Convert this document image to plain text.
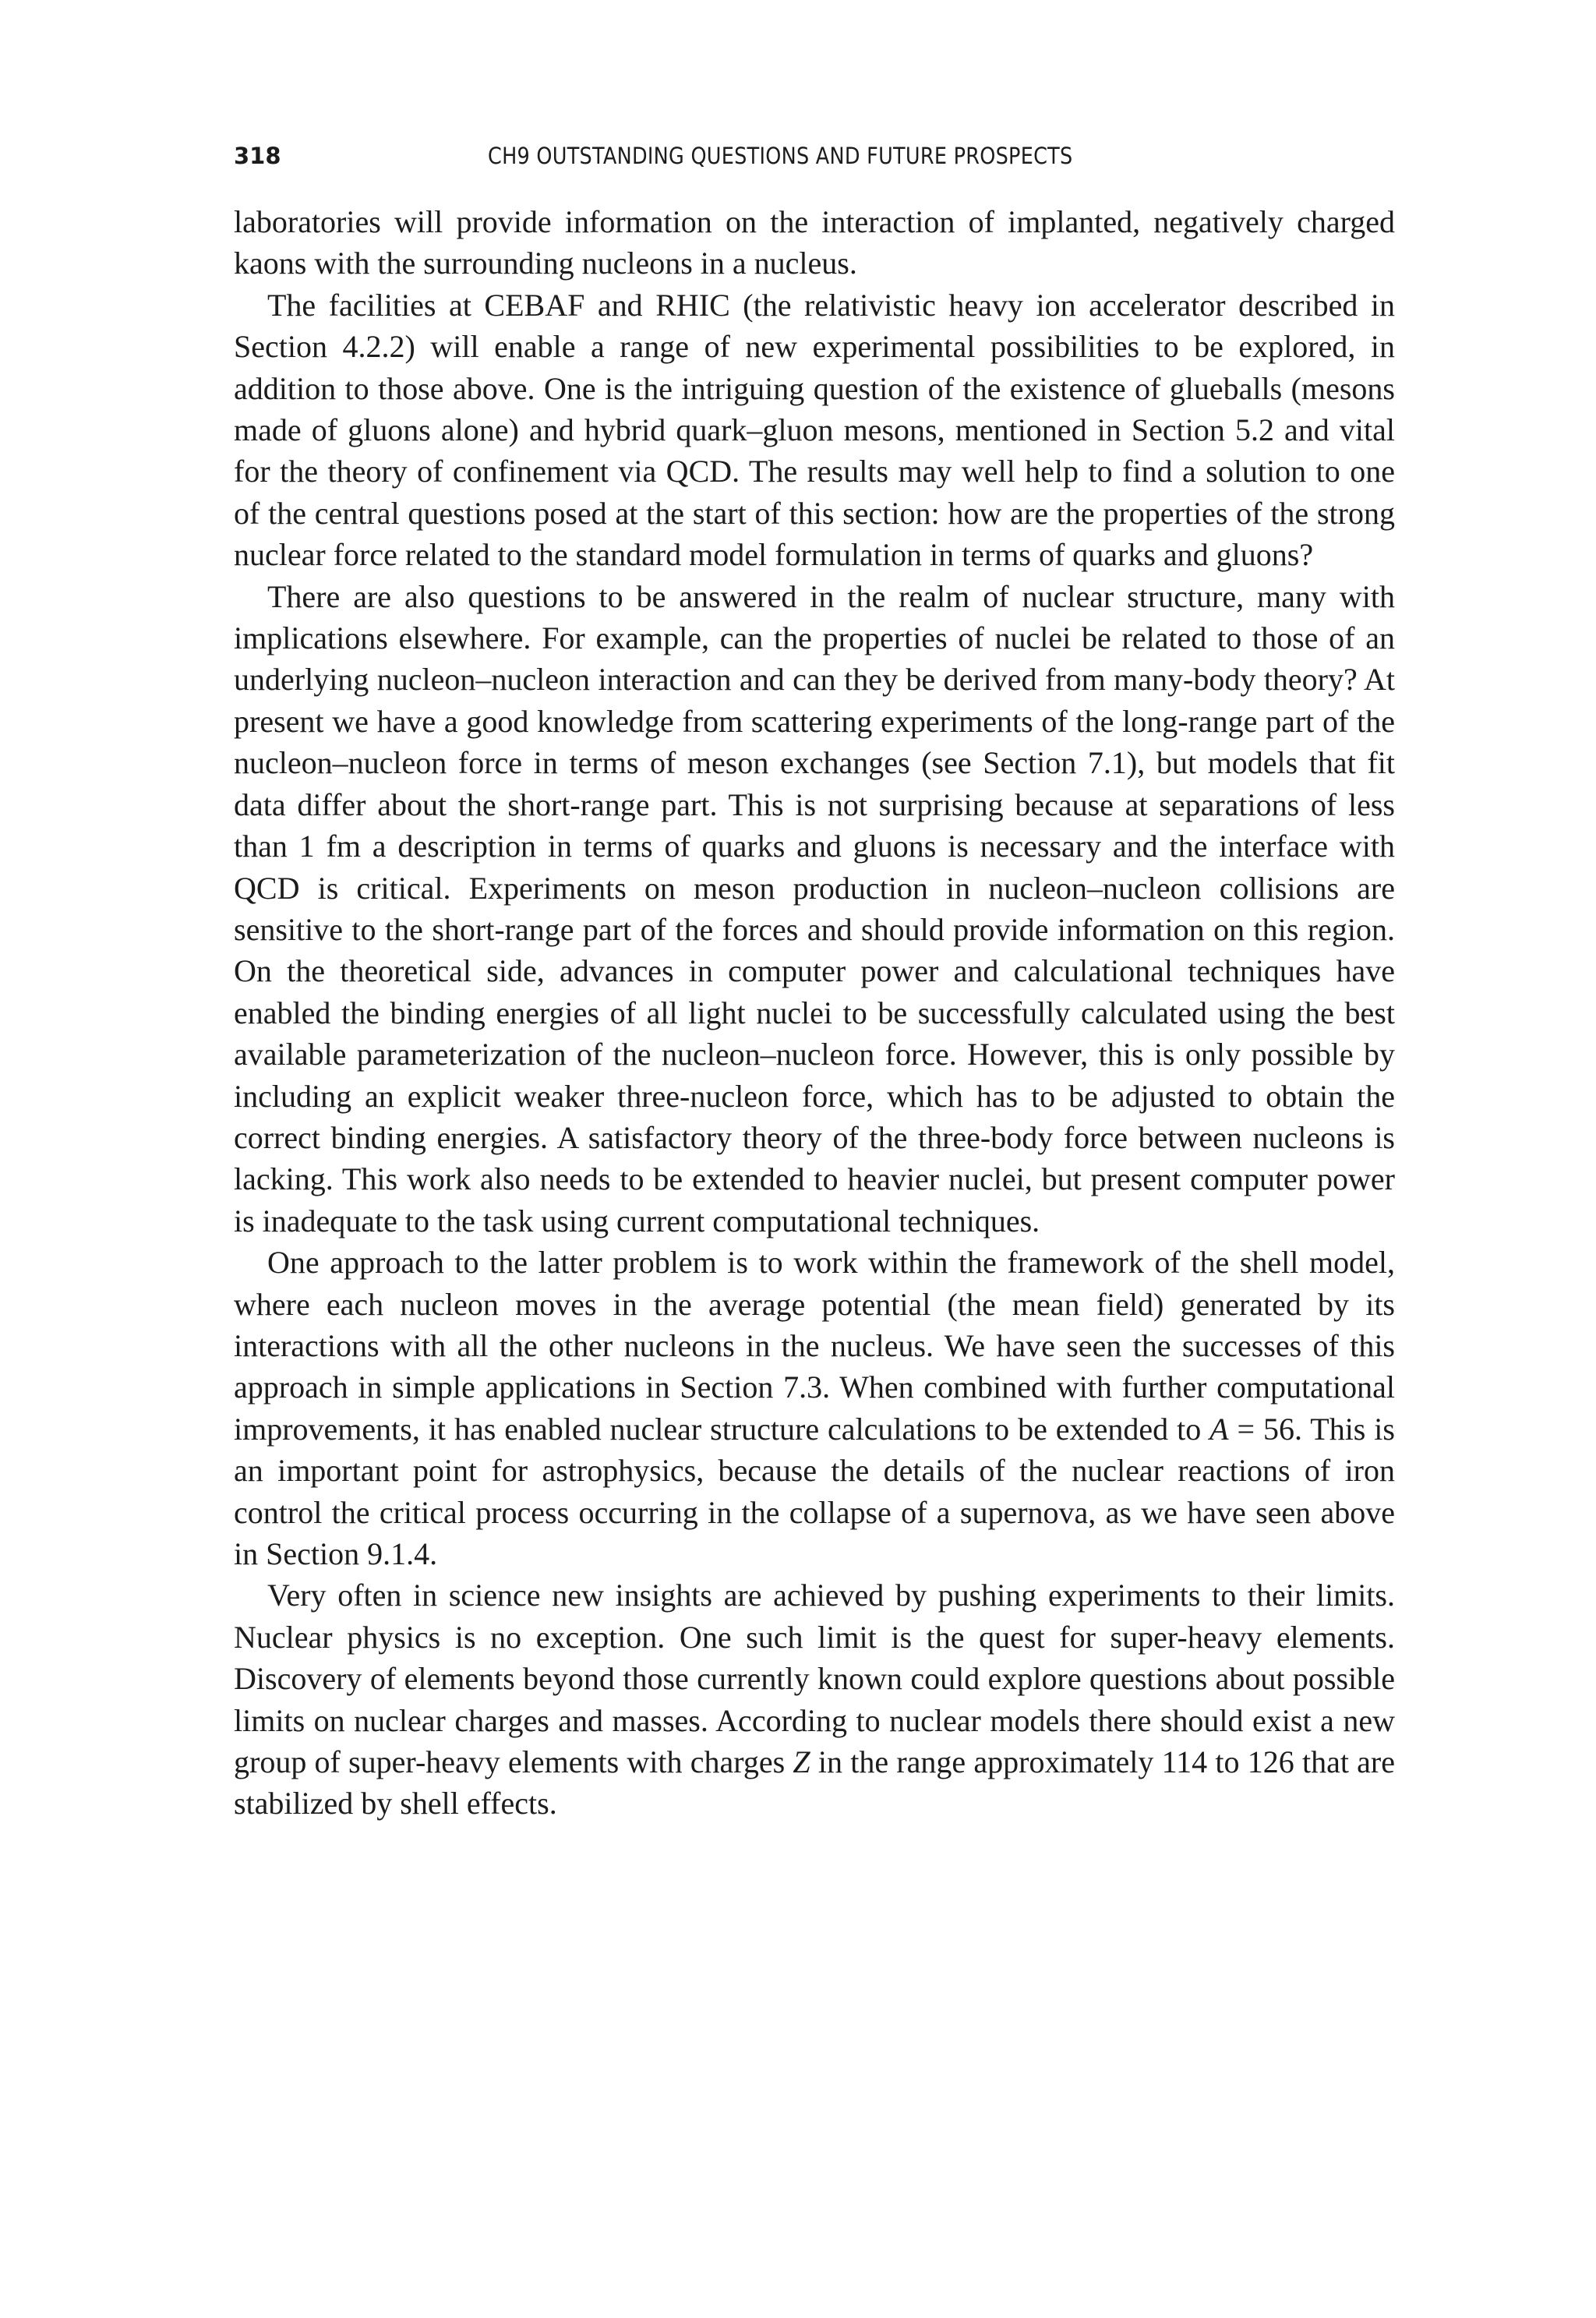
318	CH9 OUTSTANDING QUESTIONS AND FUTURE PROSPECTS

laboratories will provide information on the interaction of implanted, negatively charged kaons with the surrounding nucleons in a nucleus.

The facilities at CEBAF and RHIC (the relativistic heavy ion accelerator described in Section 4.2.2) will enable a range of new experimental possibilities to be explored, in addition to those above. One is the intriguing question of the existence of glueballs (mesons made of gluons alone) and hybrid quark–gluon mesons, mentioned in Section 5.2 and vital for the theory of confinement via QCD. The results may well help to find a solution to one of the central questions posed at the start of this section: how are the properties of the strong nuclear force related to the standard model formulation in terms of quarks and gluons?

There are also questions to be answered in the realm of nuclear structure, many with implications elsewhere. For example, can the properties of nuclei be related to those of an underlying nucleon–nucleon interaction and can they be derived from many-body theory? At present we have a good knowledge from scattering experiments of the long-range part of the nucleon–nucleon force in terms of meson exchanges (see Section 7.1), but models that fit data differ about the short-range part. This is not surprising because at separations of less than 1 fm a description in terms of quarks and gluons is necessary and the interface with QCD is critical. Experiments on meson production in nucleon–nucleon collisions are sensitive to the short-range part of the forces and should provide information on this region. On the theoretical side, advances in computer power and calculational techniques have enabled the binding energies of all light nuclei to be successfully calculated using the best available parameterization of the nucleon–nucleon force. However, this is only possible by including an explicit weaker three-nucleon force, which has to be adjusted to obtain the correct binding energies. A satisfactory theory of the three-body force between nucleons is lacking. This work also needs to be extended to heavier nuclei, but present computer power is inadequate to the task using current computational techniques.

One approach to the latter problem is to work within the framework of the shell model, where each nucleon moves in the average potential (the mean field) generated by its interactions with all the other nucleons in the nucleus. We have seen the successes of this approach in simple applications in Section 7.3. When combined with further computational improvements, it has enabled nuclear structure calculations to be extended to A = 56. This is an important point for astrophysics, because the details of the nuclear reactions of iron control the critical process occurring in the collapse of a supernova, as we have seen above in Section 9.1.4.

Very often in science new insights are achieved by pushing experiments to their limits. Nuclear physics is no exception. One such limit is the quest for super-heavy elements. Discovery of elements beyond those currently known could explore questions about possible limits on nuclear charges and masses. According to nuclear models there should exist a new group of super-heavy elements with charges Z in the range approximately 114 to 126 that are stabilized by shell effects.
